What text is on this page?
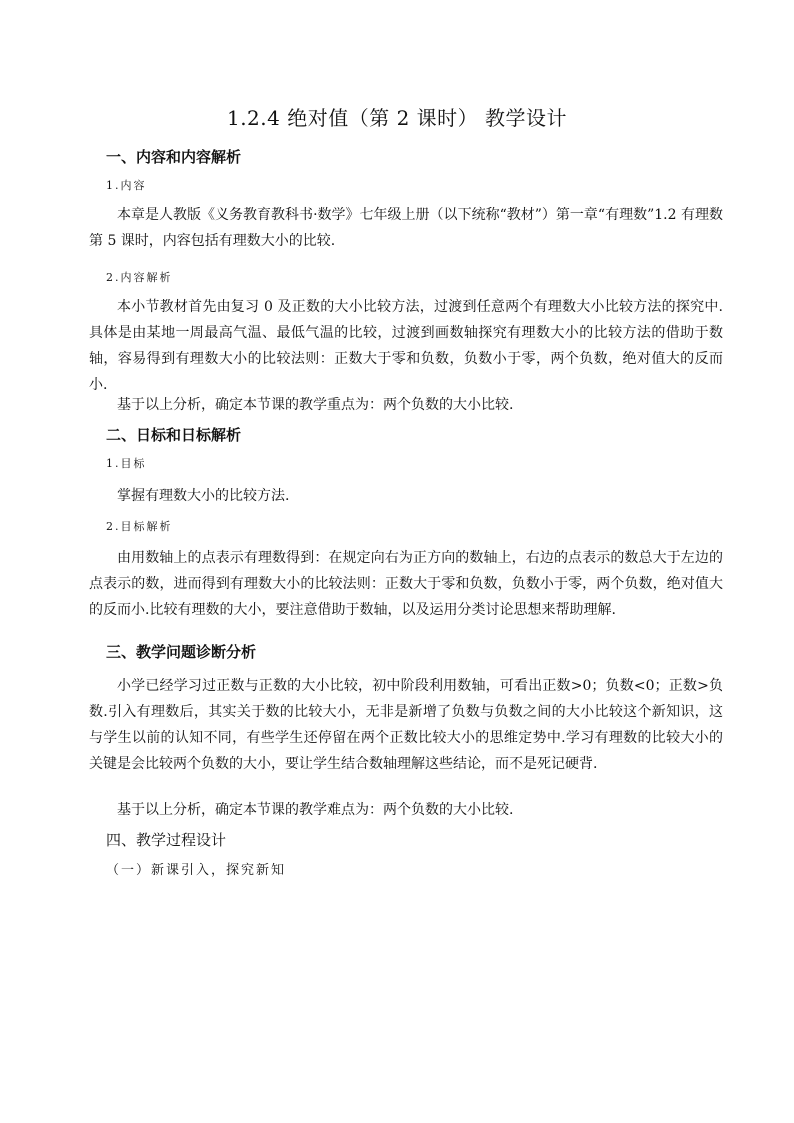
1.2.4 绝对值（第 2 课时） 教学设计
一、内容和内容解析
1.内容

本章是人教版《义务教育教科书·数学》七年级上册（以下统称“教材”）第一章“有理数”1.2 有理数第 5 课时，内容包括有理数大小的比较.

2.内容解析

本小节教材首先由复习 0 及正数的大小比较方法，过渡到任意两个有理数大小比较方法的探究中.具体是由某地一周最高气温、最低气温的比较，过渡到画数轴探究有理数大小的比较方法的借助于数轴，容易得到有理数大小的比较法则：正数大于零和负数，负数小于零，两个负数，绝对值大的反而小.

基于以上分析，确定本节课的教学重点为：两个负数的大小比较.

二、日标和日标解析
1.目标

掌握有理数大小的比较方法.

2.目标解析

由用数轴上的点表示有理数得到：在规定向右为正方向的数轴上，右边的点表示的数总大于左边的点表示的数，进而得到有理数大小的比较法则：正数大于零和负数，负数小于零，两个负数，绝对值大的反而小.比较有理数的大小，要注意借助于数轴，以及运用分类讨论思想来帮助理解.

三、教学问题诊断分析

小学已经学习过正数与正数的大小比较，初中阶段利用数轴，可看出正数>0；负数<0；正数>负数.引入有理数后，其实关于数的比较大小，无非是新增了负数与负数之间的大小比较这个新知识，这与学生以前的认知不同，有些学生还停留在两个正数比较大小的思维定势中.学习有理数的比较大小的关键是会比较两个负数的大小，要让学生结合数轴理解这些结论，而不是死记硬背.

基于以上分析，确定本节课的教学难点为：两个负数的大小比较.

四、教学过程设计
（一）新课引入，探究新知
